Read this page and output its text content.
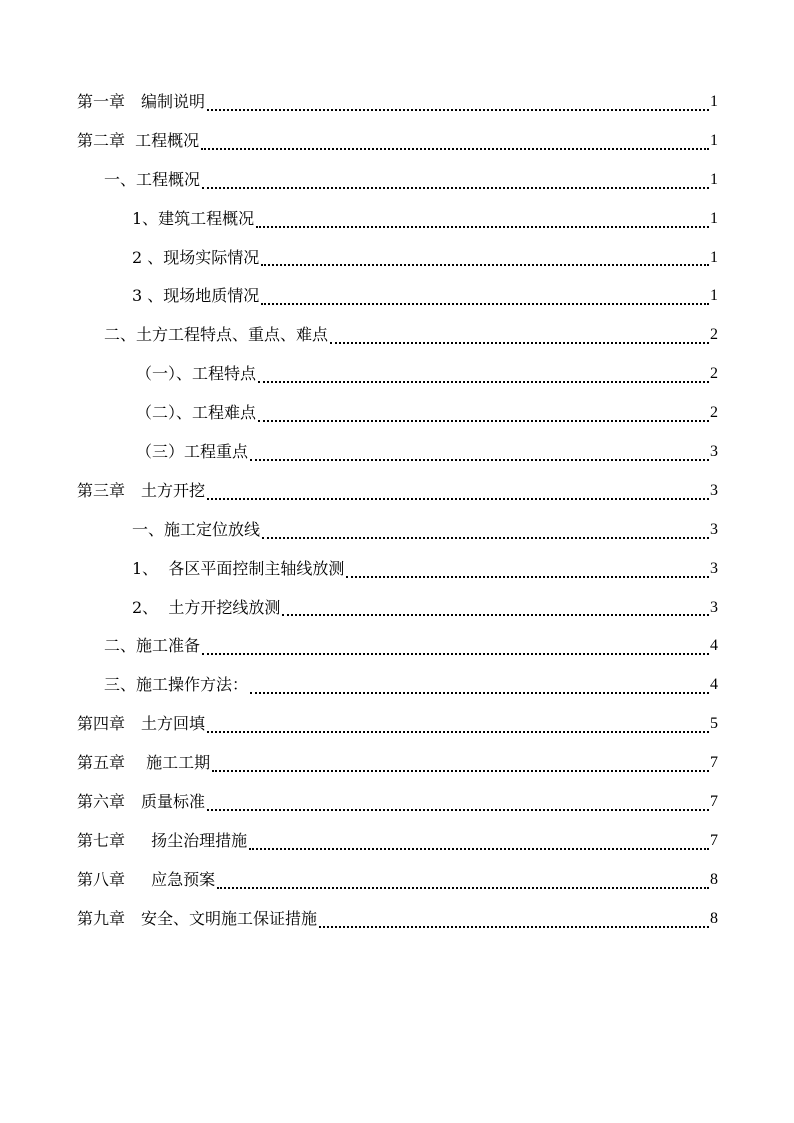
第一章　编制说明	1
第二章  工程概况	1
一、工程概况	1
1、建筑工程概况	1
2 、现场实际情况	1
3 、现场地质情况	1
二、土方工程特点、重点、难点	2
（一）、工程特点	2
（二）、工程难点	2
（三）工程重点	3
第三章　土方开挖	3
一、施工定位放线	3
1、  各区平面控制主轴线放测	3
2、  土方开挖线放测	3
二、施工准备	4
三、施工操作方法：	4
第四章　土方回填	5
第五章　 施工工期	7
第六章　质量标准	7
第七章　  扬尘治理措施	7
第八章　  应急预案	8
第九章　安全、文明施工保证措施	8
